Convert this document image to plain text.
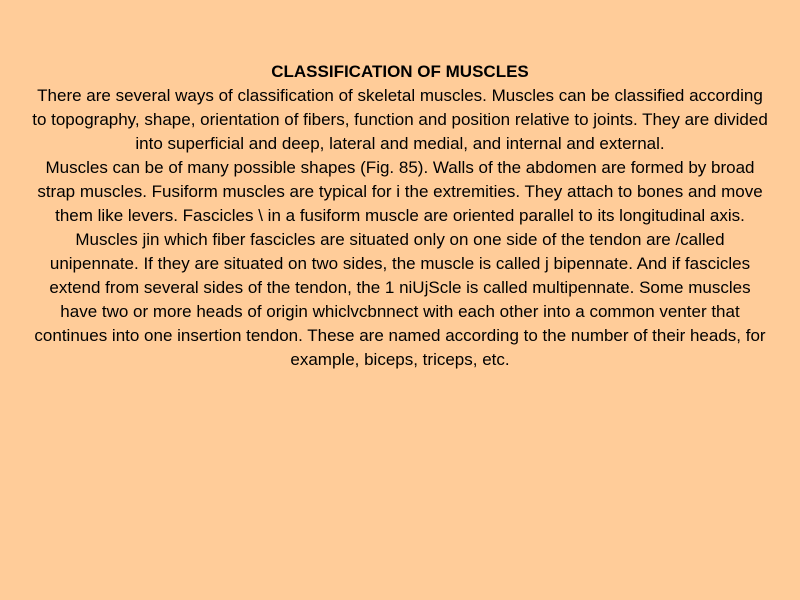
CLASSIFICATION OF MUSCLES

There are several ways of classification of skeletal muscles. Muscles can be classified according to topography, shape, orientation of fibers, function and position relative to joints. They are divided into superficial and deep, lateral and medial, and internal and external.

Muscles can be of many possible shapes (Fig. 85). Walls of the abdomen are formed by broad strap muscles. Fusiform muscles are typical for i the extremities. They attach to bones and move them like levers. Fascicles \ in a fusiform muscle are oriented parallel to its longitudinal axis. Muscles jin which fiber fascicles are situated only on one side of the tendon are /called unipennate. If they are situated on two sides, the muscle is called j bipennate. And if fascicles extend from several sides of the tendon, the 1 niUjScle is called multipennate. Some muscles have two or more heads of origin whiclvcbnnect with each other into a common venter that continues into one insertion tendon. These are named according to the number of their heads, for example, biceps, triceps, etc.
